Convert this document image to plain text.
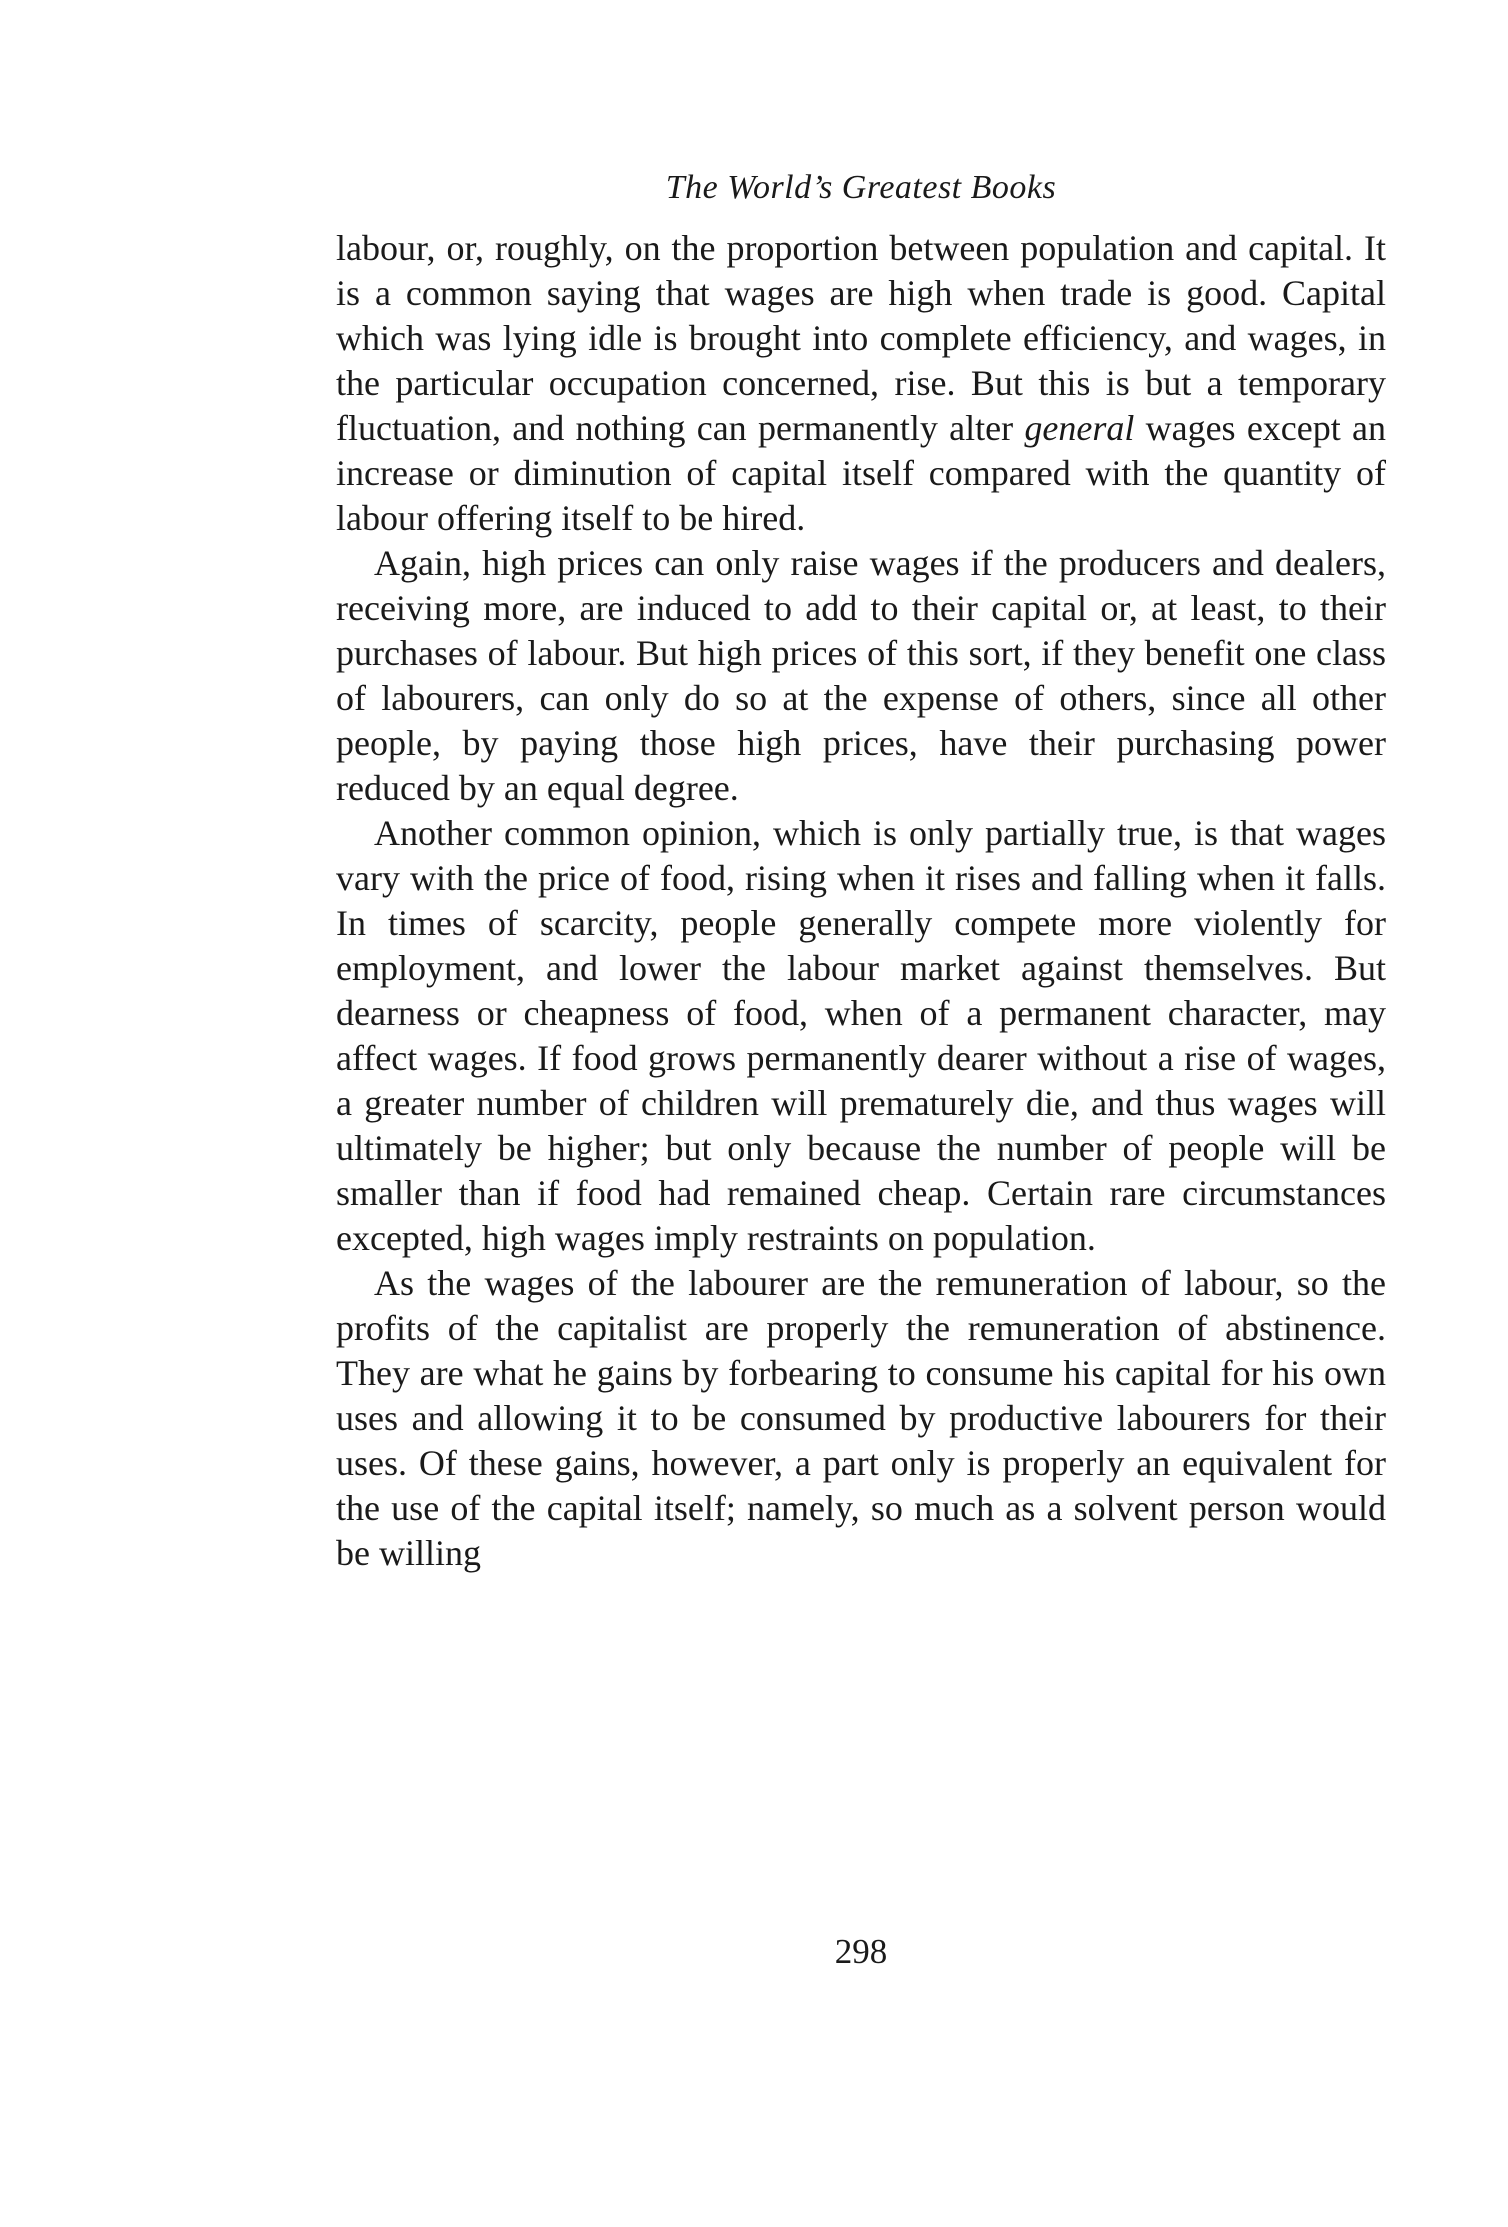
The World’s Greatest Books

labour, or, roughly, on the proportion between population and capital. It is a common saying that wages are high when trade is good. Capital which was lying idle is brought into complete efficiency, and wages, in the particular occupation concerned, rise. But this is but a temporary fluctuation, and nothing can permanently alter general wages except an increase or diminution of capital itself compared with the quantity of labour offering itself to be hired.

Again, high prices can only raise wages if the producers and dealers, receiving more, are induced to add to their capital or, at least, to their purchases of labour. But high prices of this sort, if they benefit one class of labourers, can only do so at the expense of others, since all other people, by paying those high prices, have their purchasing power reduced by an equal degree.

Another common opinion, which is only partially true, is that wages vary with the price of food, rising when it rises and falling when it falls. In times of scarcity, people generally compete more violently for employment, and lower the labour market against themselves. But dearness or cheapness of food, when of a permanent character, may affect wages. If food grows permanently dearer without a rise of wages, a greater number of children will prematurely die, and thus wages will ultimately be higher; but only because the number of people will be smaller than if food had remained cheap. Certain rare circumstances excepted, high wages imply restraints on population.

As the wages of the labourer are the remuneration of labour, so the profits of the capitalist are properly the remuneration of abstinence. They are what he gains by forbearing to consume his capital for his own uses and allowing it to be consumed by productive labourers for their uses. Of these gains, however, a part only is properly an equivalent for the use of the capital itself; namely, so much as a solvent person would be willing

298
